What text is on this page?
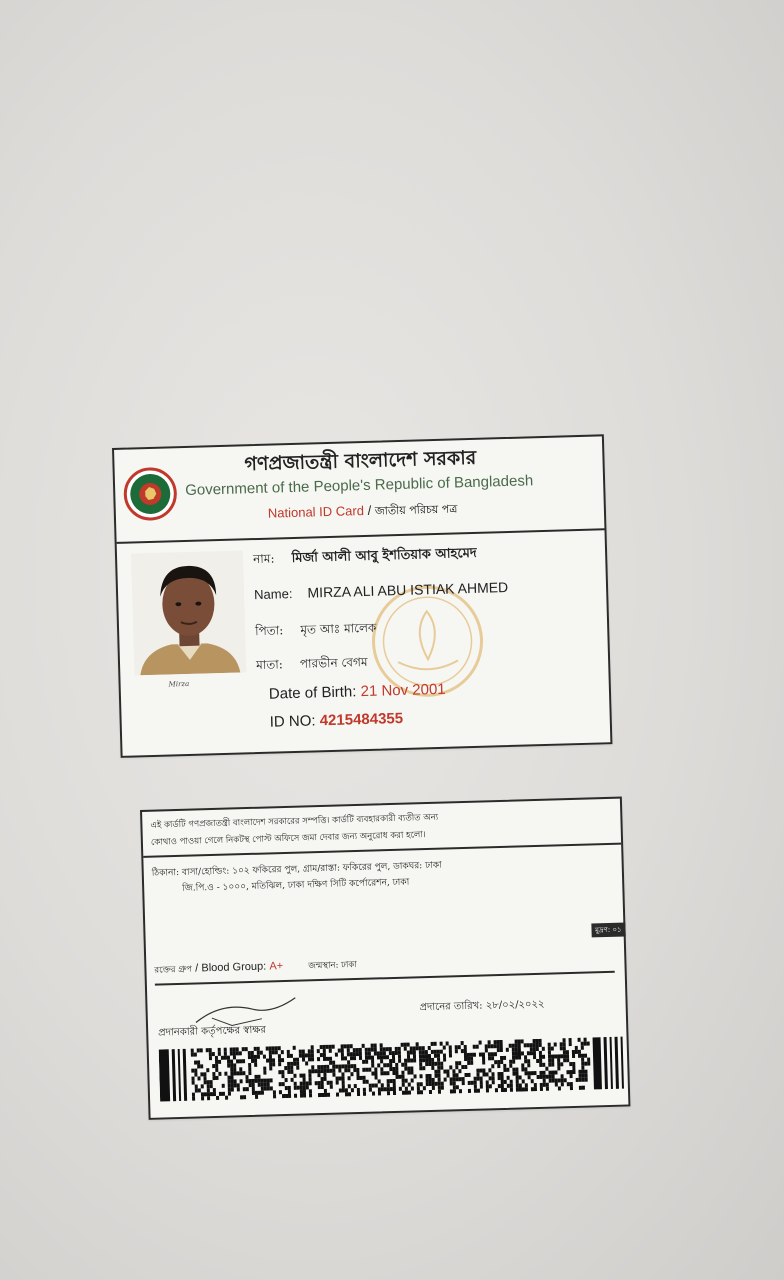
গণপ্রজাতন্ত্রী বাংলাদেশ সরকার
Government of the People's Republic of Bangladesh
National ID Card / জাতীয় পরিচয় পত্র
Mirza
নাম: মির্জা আলী আবু ইশতিয়াক আহমেদ
Name: MIRZA ALI ABU ISTIAK AHMED
পিতা: মৃত আঃ মালেক
মাতা: পারভীন বেগম
Date of Birth: 21 Nov 2001
ID NO: 4215484355
এই কার্ডটি গণপ্রজাতন্ত্রী বাংলাদেশ সরকারের সম্পত্তি। কার্ডটি ব্যবহারকারী ব্যতীত অন্য
কোথাও পাওয়া গেলে নিকটস্থ পোস্ট অফিসে জমা দেবার জন্য অনুরোধ করা হলো।
ঠিকানা: বাসা/হোল্ডিং: ১০২ ফকিরের পুল, গ্রাম/রাস্তা: ফকিরের পুল, ডাকঘর: ঢাকা
জি.পি.ও - ১০০০, মতিঝিল, ঢাকা দক্ষিণ সিটি কর্পোরেশন, ঢাকা
মুদ্রণ: ০১
রক্তের গ্রুপ / Blood Group: A+	জন্মস্থান: ঢাকা
প্রদানের তারিখ: ২৮/০২/২০২২
প্রদানকারী কর্তৃপক্ষের স্বাক্ষর
